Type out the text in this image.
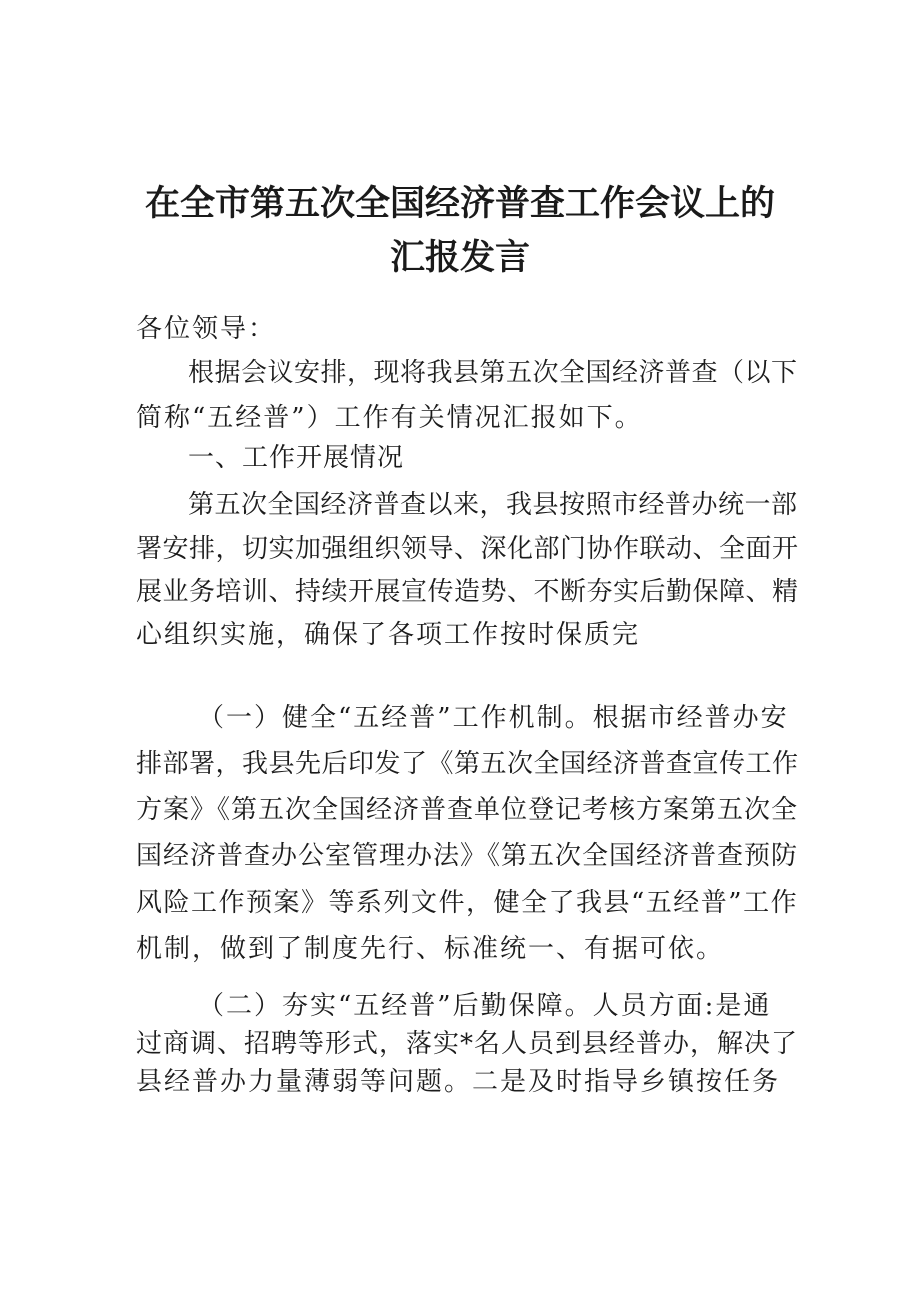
在全市第五次全国经济普查工作会议上的
汇报发言
各位领导：
根据会议安排，现将我县第五次全国经济普查（以下
简称“五经普”）工作有关情况汇报如下。
一、工作开展情况
第五次全国经济普查以来，我县按照市经普办统一部
署安排，切实加强组织领导、深化部门协作联动、全面开
展业务培训、持续开展宣传造势、不断夯实后勤保障、精
心组织实施，确保了各项工作按时保质完
（一）健全“五经普”工作机制。根据市经普办安
排部署，我县先后印发了《第五次全国经济普查宣传工作
方案》《第五次全国经济普查单位登记考核方案第五次全
国经济普查办公室管理办法》《第五次全国经济普查预防
风险工作预案》等系列文件，健全了我县“五经普”工作
机制，做到了制度先行、标准统一、有据可依。
（二）夯实“五经普”后勤保障。人员方面:是通
过商调、招聘等形式，落实*名人员到县经普办，解决了
县经普办力量薄弱等问题。二是及时指导乡镇按任务
